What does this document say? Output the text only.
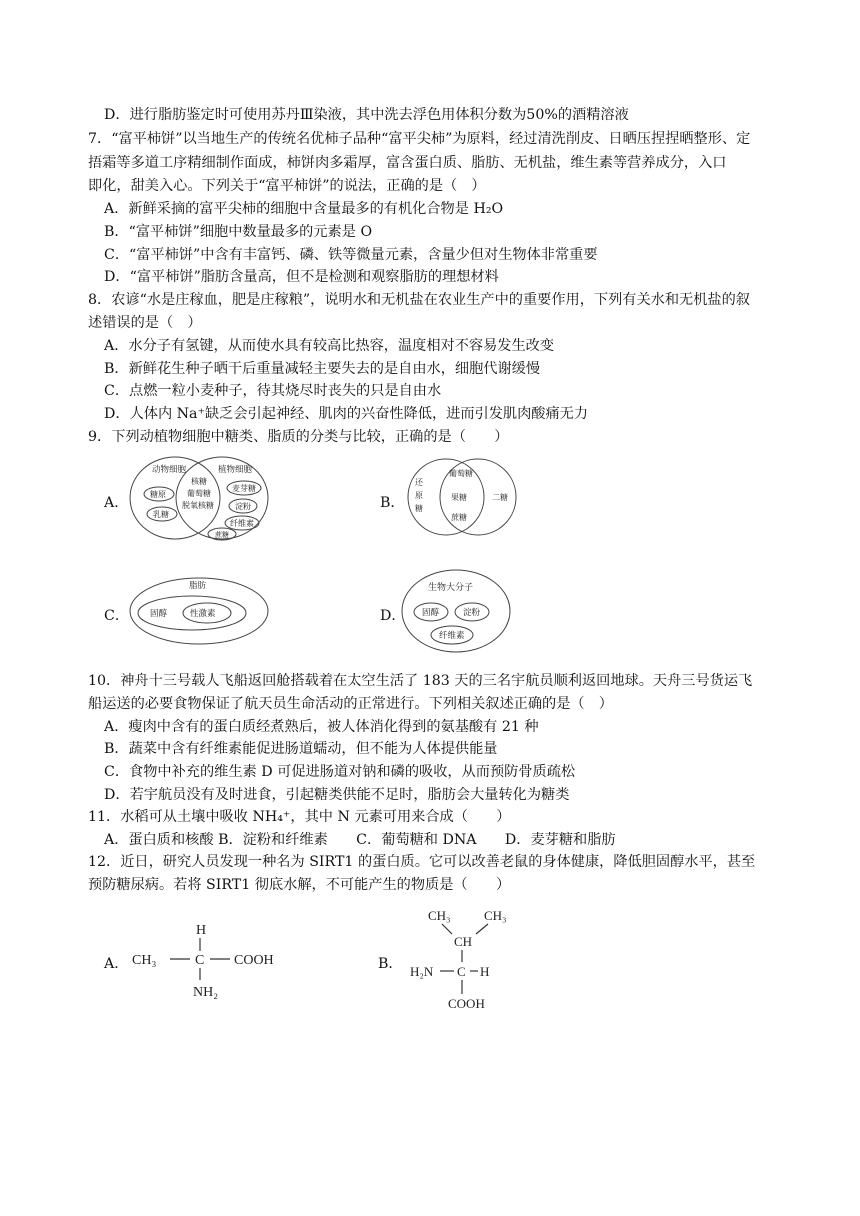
D．进行脂肪鉴定时可使用苏丹Ⅲ染液，其中洗去浮色用体积分数为50%的酒精溶液
7．“富平柿饼”以当地生产的传统名优柿子品种“富平尖柿”为原料，经过清洗削皮、日晒压捏捏晒整形、定
捂霜等多道工序精细制作面成，柿饼肉多霜厚，富含蛋白质、脂肪、无机盐，维生素等营养成分，入口
即化，甜美入心。下列关于“富平柿饼”的说法，正确的是（　）
A．新鲜采摘的富平尖柿的细胞中含量最多的有机化合物是 H₂O
B．“富平柿饼”细胞中数量最多的元素是 O
C．“富平柿饼”中含有丰富钙、磷、铁等微量元素，含量少但对生物体非常重要
D．“富平柿饼”脂肪含量高，但不是检测和观察脂肪的理想材料
8．农谚“水是庄稼血，肥是庄稼粮”，说明水和无机盐在农业生产中的重要作用，下列有关水和无机盐的叙
述错误的是（　）
A．水分子有氢键，从而使水具有较高比热容，温度相对不容易发生改变
B．新鲜花生种子晒干后重量减轻主要失去的是自由水，细胞代谢缓慢
C．点燃一粒小麦种子，待其烧尽时丧失的只是自由水
D．人体内 Na⁺缺乏会引起神经、肌肉的兴奋性降低，进而引发肌肉酸痛无力
9．下列动植物细胞中糖类、脂质的分类与比较，正确的是（　　）
A．
动物细胞	植物细胞
糖原
乳糖
核糖
葡萄糖
脱氧核糖
麦芽糖
淀粉
纤维素
蔗糖
B．
还
原
糖
二糖
葡萄糖
果糖
蔗糖
C．
脂肪
固醇	性激素	D．
生物大分子
固醇	淀粉
纤维素
10．神舟十三号载人飞船返回舱搭载着在太空生活了 183 天的三名宇航员顺利返回地球。天舟三号货运飞
船运送的必要食物保证了航天员生命活动的正常进行。下列相关叙述正确的是（　）
A．瘦肉中含有的蛋白质经煮熟后，被人体消化得到的氨基酸有 21 种
B．蔬菜中含有纤维素能促进肠道蠕动，但不能为人体提供能量
C．食物中补充的维生素 D 可促进肠道对钠和磷的吸收，从而预防骨质疏松
D．若宇航员没有及时进食，引起糖类供能不足时，脂肪会大量转化为糖类
11．水稻可从土壤中吸收 NH₄⁺，其中 N 元素可用来合成（　　）
A．蛋白质和核酸 B．淀粉和纤维素　　C．葡萄糖和 DNA　　D．麦芽糖和脂肪
12．近日，研究人员发现一种名为 SIRT1 的蛋白质。它可以改善老鼠的身体健康，降低胆固醇水平，甚至
预防糖尿病。若将 SIRT1 彻底水解，不可能产生的物质是（　　）
A．
H
CH₃	C COOH
NH₂
B．
CH₃	CH₃
CH
H₂N C H
COOH
